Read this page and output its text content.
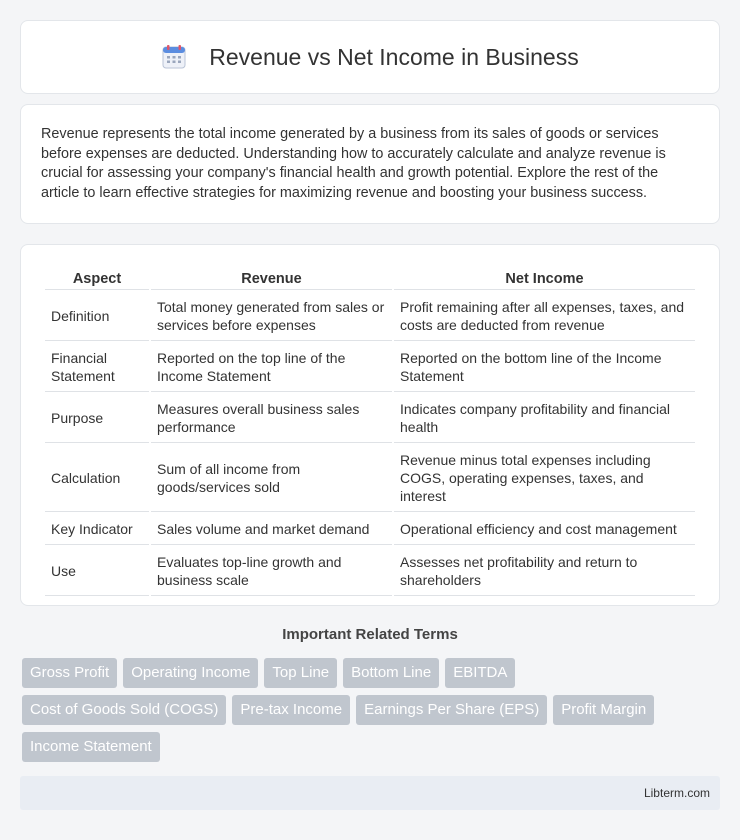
Revenue vs Net Income in Business

Revenue represents the total income generated by a business from its sales of goods or services before expenses are deducted. Understanding how to accurately calculate and analyze revenue is crucial for assessing your company's financial health and growth potential. Explore the rest of the article to learn effective strategies for maximizing revenue and boosting your business success.

Aspect	Revenue	Net Income
Definition	Total money generated from sales or services before expenses	Profit remaining after all expenses, taxes, and costs are deducted from revenue
Financial Statement	Reported on the top line of the Income Statement	Reported on the bottom line of the Income Statement
Purpose	Measures overall business sales performance	Indicates company profitability and financial health
Calculation	Sum of all income from goods/services sold	Revenue minus total expenses including COGS, operating expenses, taxes, and interest
Key Indicator	Sales volume and market demand	Operational efficiency and cost management
Use	Evaluates top-line growth and business scale	Assesses net profitability and return to shareholders
Important Related Terms
Gross Profit	Operating Income	Top Line	Bottom Line	EBITDA
Cost of Goods Sold (COGS)	Pre-tax Income	Earnings Per Share (EPS)	Profit Margin
Income Statement
Libterm.com
